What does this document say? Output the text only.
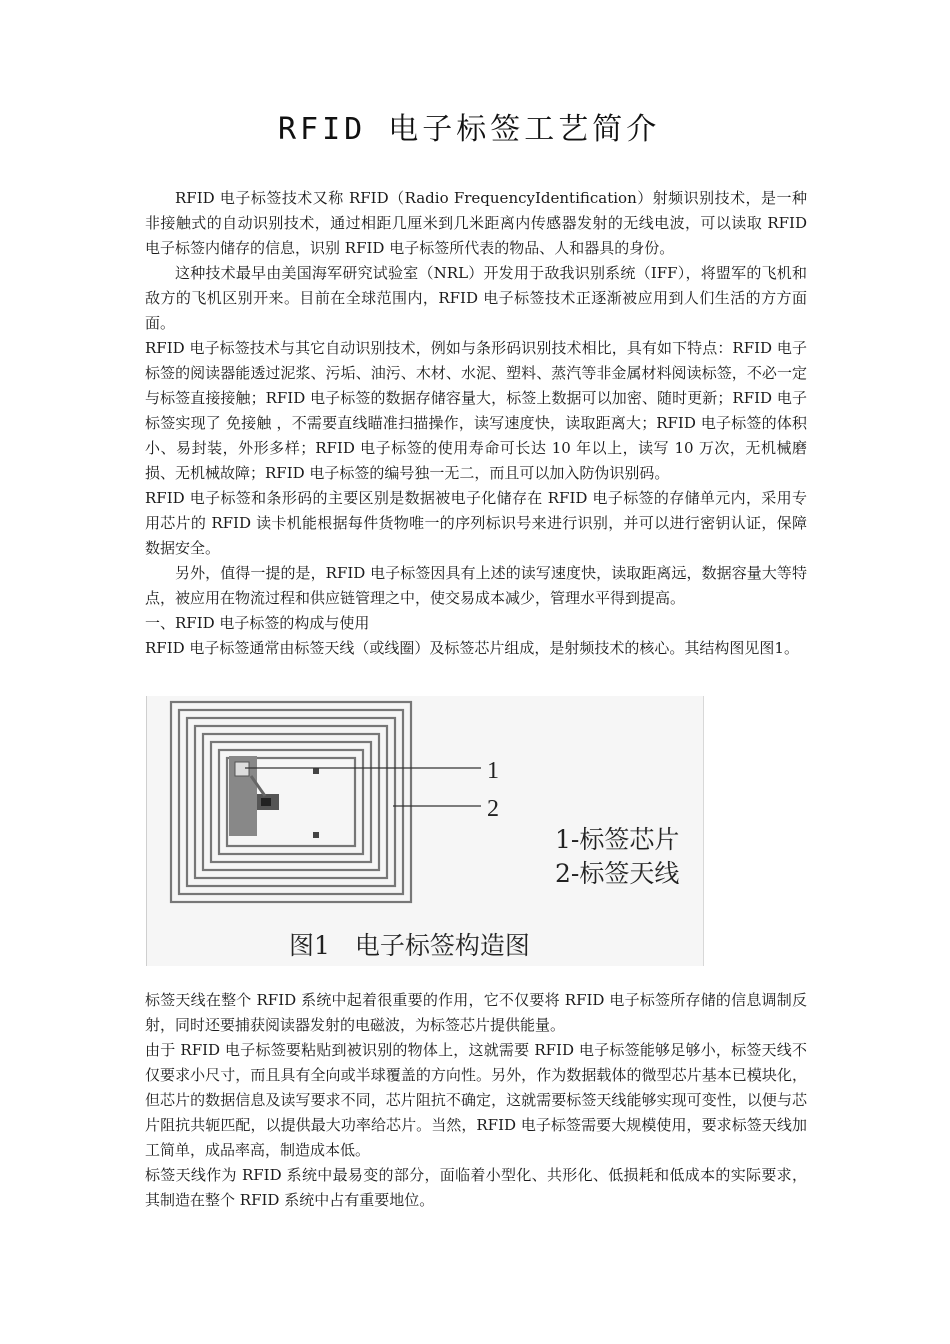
RFID 电子标签工艺简介

RFID 电子标签技术又称 RFID（Radio FrequencyIdentification）射频识别技术，是一种非接触式的自动识别技术，通过相距几厘米到几米距离内传感器发射的无线电波，可以读取 RFID 电子标签内储存的信息，识别 RFID 电子标签所代表的物品、人和器具的身份。

这种技术最早由美国海军研究试验室（NRL）开发用于敌我识别系统（IFF），将盟军的飞机和敌方的飞机区别开来。目前在全球范围内，RFID 电子标签技术正逐渐被应用到人们生活的方方面面。

RFID 电子标签技术与其它自动识别技术，例如与条形码识别技术相比，具有如下特点：RFID 电子标签的阅读器能透过泥浆、污垢、油污、木材、水泥、塑料、蒸汽等非金属材料阅读标签，不必一定与标签直接接触；RFID 电子标签的数据存储容量大，标签上数据可以加密、随时更新；RFID 电子标签实现了 免接触 ，不需要直线瞄准扫描操作，读写速度快，读取距离大；RFID 电子标签的体积小、易封装，外形多样；RFID 电子标签的使用寿命可长达 10 年以上，读写 10 万次，无机械磨损、无机械故障；RFID 电子标签的编号独一无二，而且可以加入防伪识别码。

RFID 电子标签和条形码的主要区别是数据被电子化储存在 RFID 电子标签的存储单元内，采用专用芯片的 RFID 读卡机能根据每件货物唯一的序列标识号来进行识别，并可以进行密钥认证，保障数据安全。

另外，值得一提的是，RFID 电子标签因具有上述的读写速度快，读取距离远，数据容量大等特点，被应用在物流过程和供应链管理之中，使交易成本减少，管理水平得到提高。

一、RFID 电子标签的构成与使用

RFID 电子标签通常由标签天线（或线圈）及标签芯片组成，是射频技术的核心。其结构图见图1。

1
2
1-标签芯片
2-标签天线
图1　电子标签构造图

标签天线在整个 RFID 系统中起着很重要的作用，它不仅要将 RFID 电子标签所存储的信息调制反射，同时还要捕获阅读器发射的电磁波，为标签芯片提供能量。

由于 RFID 电子标签要粘贴到被识别的物体上，这就需要 RFID 电子标签能够足够小，标签天线不仅要求小尺寸，而且具有全向或半球覆盖的方向性。另外，作为数据载体的微型芯片基本已模块化，但芯片的数据信息及读写要求不同，芯片阻抗不确定，这就需要标签天线能够实现可变性，以便与芯片阻抗共轭匹配，以提供最大功率给芯片。当然，RFID 电子标签需要大规模使用，要求标签天线加工简单，成品率高，制造成本低。

标签天线作为 RFID 系统中最易变的部分，面临着小型化、共形化、低损耗和低成本的实际要求，其制造在整个 RFID 系统中占有重要地位。
